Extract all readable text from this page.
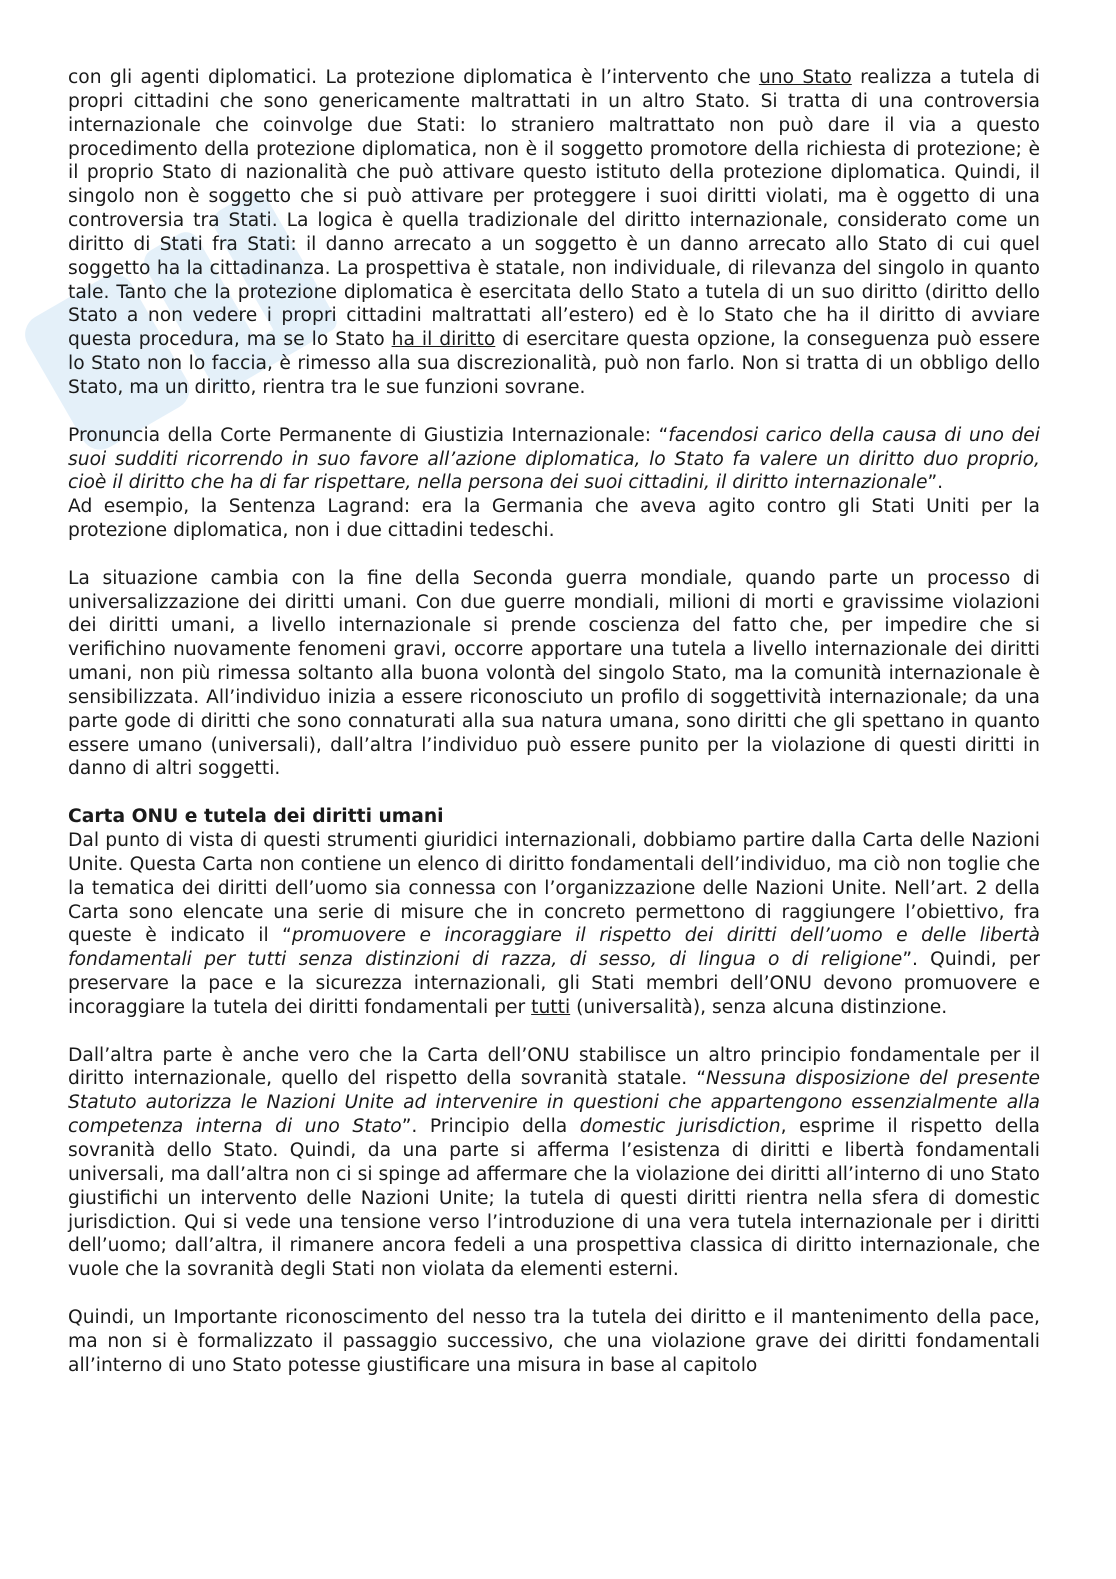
con gli agenti diplomatici. La protezione diplomatica è l’intervento che uno Stato realizza a tutela di propri cittadini che sono genericamente maltrattati in un altro Stato. Si tratta di una controversia internazionale che coinvolge due Stati: lo straniero maltrattato non può dare il via a questo procedimento della protezione diplomatica, non è il soggetto promotore della richiesta di protezione; è il proprio Stato di nazionalità che può attivare questo istituto della protezione diplomatica. Quindi, il singolo non è soggetto che si può attivare per proteggere i suoi diritti violati, ma è oggetto di una controversia tra Stati. La logica è quella tradizionale del diritto internazionale, considerato come un diritto di Stati fra Stati: il danno arrecato a un soggetto è un danno arrecato allo Stato di cui quel soggetto ha la cittadinanza. La prospettiva è statale, non individuale, di rilevanza del singolo in quanto tale. Tanto che la protezione diplomatica è esercitata dello Stato a tutela di un suo diritto (diritto dello Stato a non vedere i propri cittadini maltrattati all’estero) ed è lo Stato che ha il diritto di avviare questa procedura, ma se lo Stato ha il diritto di esercitare questa opzione, la conseguenza può essere lo Stato non lo faccia, è rimesso alla sua discrezionalità, può non farlo. Non si tratta di un obbligo dello Stato, ma un diritto, rientra tra le sue funzioni sovrane.

Pronuncia della Corte Permanente di Giustizia Internazionale: “facendosi carico della causa di uno dei suoi sudditi ricorrendo in suo favore all’azione diplomatica, lo Stato fa valere un diritto duo proprio, cioè il diritto che ha di far rispettare, nella persona dei suoi cittadini, il diritto internazionale”.

Ad esempio, la Sentenza Lagrand: era la Germania che aveva agito contro gli Stati Uniti per la protezione diplomatica, non i due cittadini tedeschi.

La situazione cambia con la fine della Seconda guerra mondiale, quando parte un processo di universalizzazione dei diritti umani. Con due guerre mondiali, milioni di morti e gravissime violazioni dei diritti umani, a livello internazionale si prende coscienza del fatto che, per impedire che si verifichino nuovamente fenomeni gravi, occorre apportare una tutela a livello internazionale dei diritti umani, non più rimessa soltanto alla buona volontà del singolo Stato, ma la comunità internazionale è sensibilizzata. All’individuo inizia a essere riconosciuto un profilo di soggettività internazionale; da una parte gode di diritti che sono connaturati alla sua natura umana, sono diritti che gli spettano in quanto essere umano (universali), dall’altra l’individuo può essere punito per la violazione di questi diritti in danno di altri soggetti.

Carta ONU e tutela dei diritti umani

Dal punto di vista di questi strumenti giuridici internazionali, dobbiamo partire dalla Carta delle Nazioni Unite. Questa Carta non contiene un elenco di diritto fondamentali dell’individuo, ma ciò non toglie che la tematica dei diritti dell’uomo sia connessa con l’organizzazione delle Nazioni Unite. Nell’art. 2 della Carta sono elencate una serie di misure che in concreto permettono di raggiungere l’obiettivo, fra queste è indicato il “promuovere e incoraggiare il rispetto dei diritti dell’uomo e delle libertà fondamentali per tutti senza distinzioni di razza, di sesso, di lingua o di religione”. Quindi, per preservare la pace e la sicurezza internazionali, gli Stati membri dell’ONU devono promuovere e incoraggiare la tutela dei diritti fondamentali per tutti (universalità), senza alcuna distinzione.

Dall’altra parte è anche vero che la Carta dell’ONU stabilisce un altro principio fondamentale per il diritto internazionale, quello del rispetto della sovranità statale. “Nessuna disposizione del presente Statuto autorizza le Nazioni Unite ad intervenire in questioni che appartengono essenzialmente alla competenza interna di uno Stato”. Principio della domestic jurisdiction, esprime il rispetto della sovranità dello Stato. Quindi, da una parte si afferma l’esistenza di diritti e libertà fondamentali universali, ma dall’altra non ci si spinge ad affermare che la violazione dei diritti all’interno di uno Stato giustifichi un intervento delle Nazioni Unite; la tutela di questi diritti rientra nella sfera di domestic jurisdiction. Qui si vede una tensione verso l’introduzione di una vera tutela internazionale per i diritti dell’uomo; dall’altra, il rimanere ancora fedeli a una prospettiva classica di diritto internazionale, che vuole che la sovranità degli Stati non violata da elementi esterni.

Quindi, un Importante riconoscimento del nesso tra la tutela dei diritto e il mantenimento della pace, ma non si è formalizzato il passaggio successivo, che una violazione grave dei diritti fondamentali all’interno di uno Stato potesse giustificare una misura in base al capitolo
